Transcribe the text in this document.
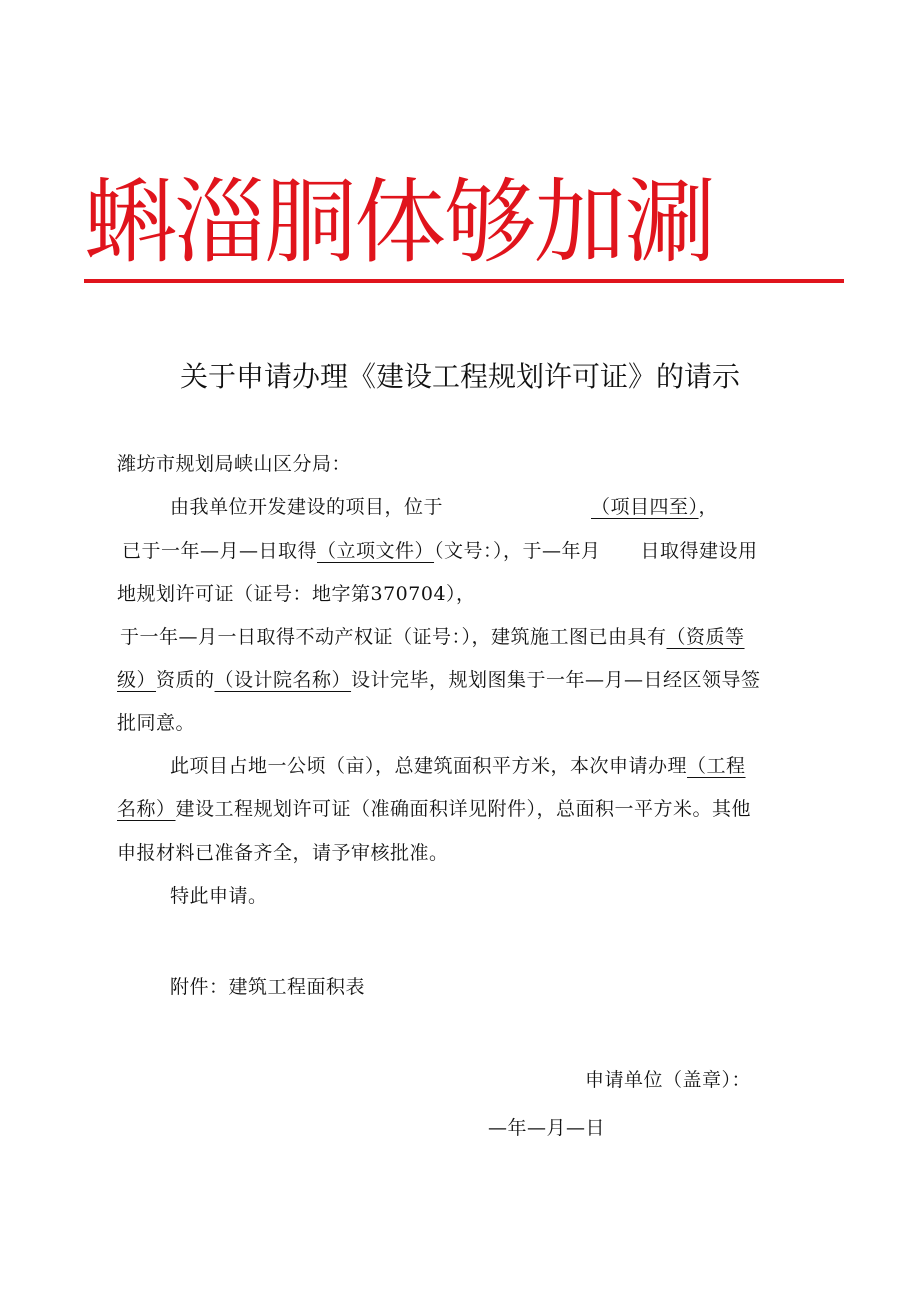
蝌淄胴体够加涮
关于申请办理《建设工程规划许可证》的请示
潍坊市规划局峡山区分局：
由我单位开发建设的项目，位于	（项目四至），
已于一年—月—日取得（立项文件）（文号：），于—年月 日取得建设用
地规划许可证（证号：地字第370704），
于一年—月一日取得不动产权证（证号：），建筑施工图已由具有（资质等
级）资质的（设计院名称）设计完毕，规划图集于一年—月—日经区领导签
批同意。
此项目占地一公顷（亩），总建筑面积平方米，本次申请办理（工程
名称）建设工程规划许可证（准确面积详见附件），总面积一平方米。其他
申报材料已准备齐全，请予审核批准。
特此申请。
附件：建筑工程面积表
申请单位（盖章）：
—年—月—日
